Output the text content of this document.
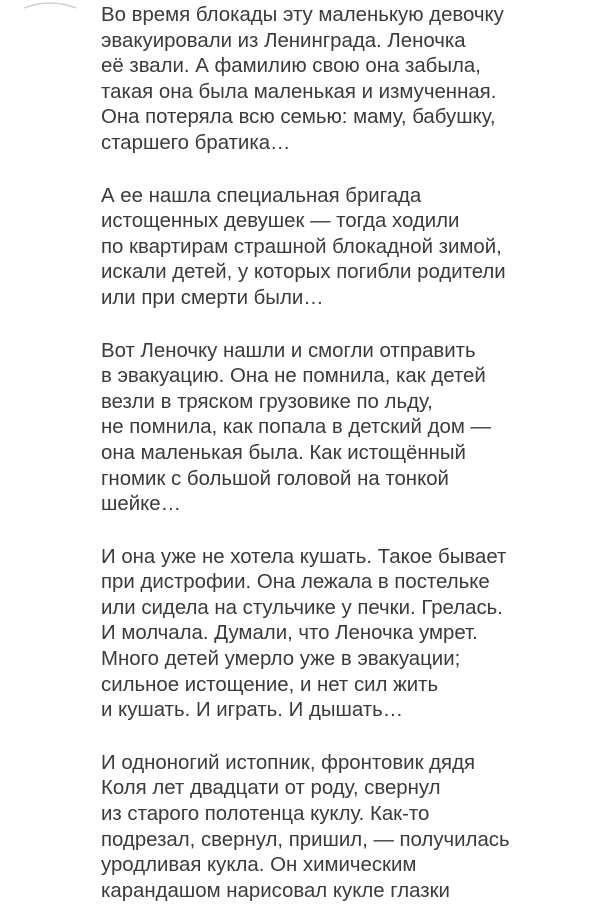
Во время блокады эту маленькую девочку
эвакуировали из Ленинграда. Леночка
её звали. А фамилию свою она забыла,
такая она была маленькая и измученная.
Она потеряла всю семью: маму, бабушку,
старшего братика…

А ее нашла специальная бригада
истощенных девушек — тогда ходили
по квартирам страшной блокадной зимой,
искали детей, у которых погибли родители
или при смерти были…

Вот Леночку нашли и смогли отправить
в эвакуацию. Она не помнила, как детей
везли в тряском грузовике по льду,
не помнила, как попала в детский дом —
она маленькая была. Как истощённый
гномик с большой головой на тонкой
шейке…

И она уже не хотела кушать. Такое бывает
при дистрофии. Она лежала в постельке
или сидела на стульчике у печки. Грелась.
И молчала. Думали, что Леночка умрет.
Много детей умерло уже в эвакуации;
сильное истощение, и нет сил жить
и кушать. И играть. И дышать…

И одноногий истопник, фронтовик дядя
Коля лет двадцати от роду, свернул
из старого полотенца куклу. Как-то
подрезал, свернул, пришил, — получилась
уродливая кукла. Он химическим
карандашом нарисовал кукле глазки
